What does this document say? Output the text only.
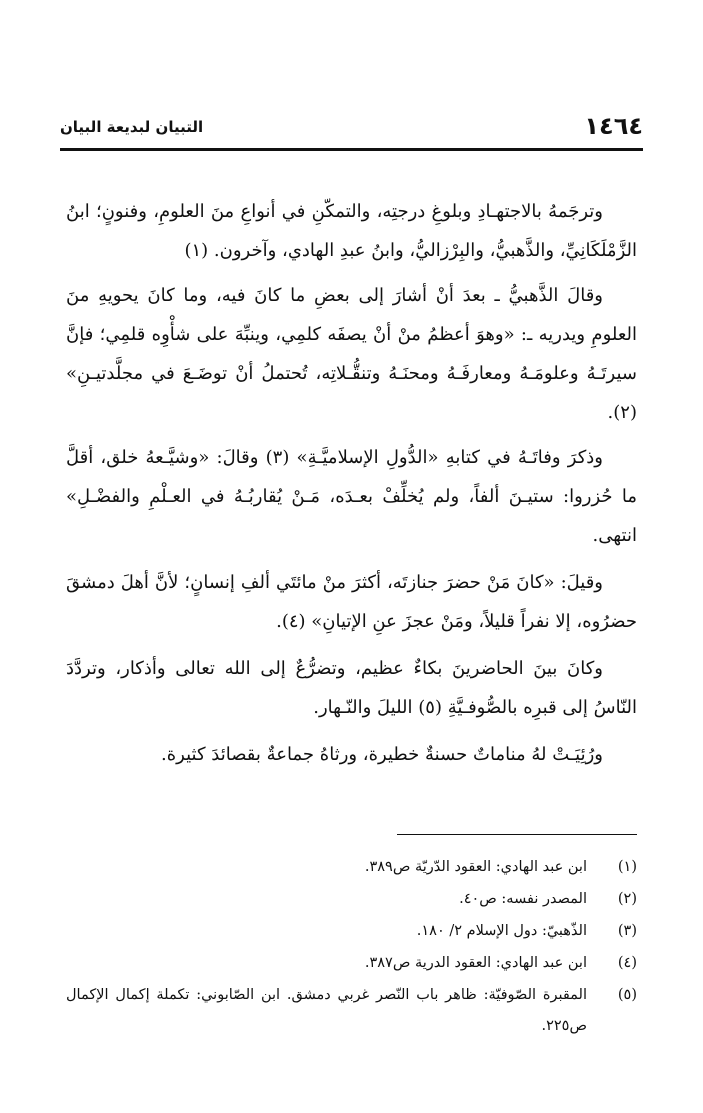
١٤٦٤
التبيان لبديعة البيان

وترجَمهُ بالاجتهـادِ وبلوغِ درجتِه، والتمكّنِ في أنواعِ منَ العلومِ، وفنونٍ؛ ابنُ الزَّمْلَكَانِيِّ، والذَّهبيُّ، والبِرْزاليُّ، وابنُ عبدِ الهادي، وآخرون. (١)

وقالَ الذَّهبيُّ ـ بعدَ أنْ أشارَ إلى بعضِ ما كانَ فيه، وما كانَ يحويهِ منَ العلومِ ويدريه ـ: «وهوَ أعظمُ منْ أنْ يصفَه كلمِي، وينبِّهَ على شأْوِه قلمِي؛ فإنَّ سيرتَـهُ وعلومَـهُ ومعارفَـهُ ومحنَـهُ وتنقُّـلاتِه، تُحتملُ أنْ توضَـعَ في مجلَّدتيـنِ» (٢).

وذكرَ وفاتَـهُ في كتابهِ «الدُّولِ الإسلاميَّـةِ» (٣) وقالَ: «وشيَّـعهُ خلق، أقلَّ ما حُزروا: ستيـنَ ألفاً، ولم يُخلِّفْ بعـدَه، مَـنْ يُقاربُـهُ في العـلْمِ والفضْـلِ» انتهى.

وقيلَ: «كانَ مَنْ حضرَ جنازتَه، أكثرَ منْ مائتَي ألفِ إنسانٍ؛ لأنَّ أهلَ دمشقَ حضرُوه، إلا نفراً قليلاً، ومَنْ عجزَ عنِ الإتيانِ» (٤).

وكانَ بينَ الحاضرينَ بكاءٌ عظيم، وتضرُّعٌ إلى الله تعالى وأذكار، وتردَّدَ النّاسُ إلى قبرِه بالصُّوفـيَّةِ (٥) الليلَ والنّـهار.

ورُئِيَـتْ لهُ مناماتٌ حسنةٌ خطيرة، ورثاهُ جماعةٌ بقصائدَ كثيرة.

(١)
ابن عبد الهادي: العقود الدّريّة ص٣٨٩.
(٢)
المصدر نفسه: ص٤٠.
(٣)
الذّهبيّ: دول الإسلام ٢/ ١٨٠.
(٤)
ابن عبد الهادي: العقود الدرية ص٣٨٧.
(٥)
المقبرة الصّوفيّة: ظاهر باب النّصر غربي دمشق. ابن الصّابوني: تكملة إكمال الإكمال ص٢٢٥.
